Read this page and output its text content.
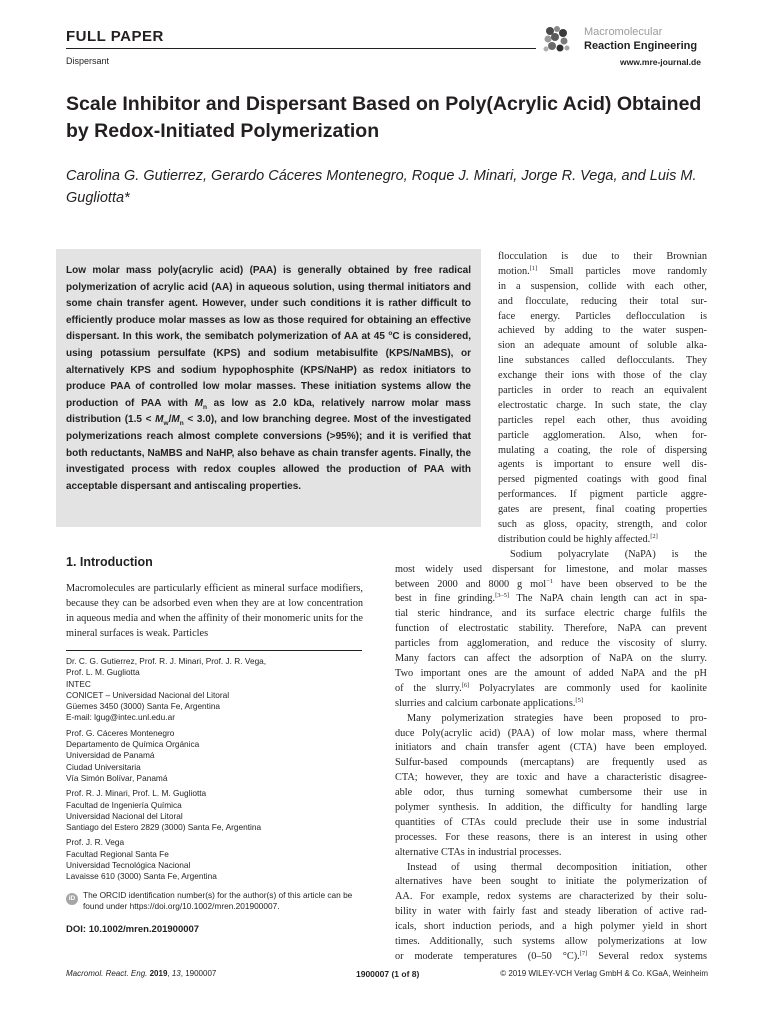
FULL PAPER
Dispersant
Macromolecular
Reaction Engineering
www.mre-journal.de
Scale Inhibitor and Dispersant Based on Poly(Acrylic Acid) Obtained by Redox-Initiated Polymerization
Carolina G. Gutierrez, Gerardo Cáceres Montenegro, Roque J. Minari, Jorge R. Vega, and Luis M. Gugliotta*

Low molar mass poly(acrylic acid) (PAA) is generally obtained by free radical polymerization of acrylic acid (AA) in aqueous solution, using thermal initiators and some chain transfer agent. However, under such conditions it is rather difficult to efficiently produce molar masses as low as those required for obtaining an effective dispersant. In this work, the semibatch polymerization of AA at 45 $^o$C is considered, using potassium persulfate (KPS) and sodium metabisulfite (KPS/NaMBS), or alternatively KPS and sodium hypophosphite (KPS/NaHP) as redox initiators to produce PAA of controlled low molar masses. These initiation systems allow the production of PAA with $M_n$ as low as 2.0 kDa, relatively narrow molar mass distribution $(1.5 < M_w/M_n < 3.0)$, and low branching degree. Most of the investigated polymerizations reach almost complete conversions (>95%); and it is verified that both reductants, NaMBS and NaHP, also behave as chain transfer agents. Finally, the investigated process with redox couples allowed the production of PAA with acceptable dispersant and antiscaling properties.

1. Introduction

Macromolecules are particularly efficient as mineral surface modifiers, because they can be adsorbed even when they are at low concentration in aqueous media and when the affinity of their monomeric units for the mineral surfaces is weak. Particles

Dr. C. G. Gutierrez, Prof. R. J. Minari, Prof. J. R. Vega,
Prof. L. M. Gugliotta
INTEC
CONICET – Universidad Nacional del Litoral
Güemes 3450 (3000) Santa Fe, Argentina
E-mail: lgug@intec.unl.edu.ar
Prof. G. Cáceres Montenegro
Departamento de Química Orgánica
Universidad de Panamá
Ciudad Universitaria
Vía Simón Bolívar, Panamá
Prof. R. J. Minari, Prof. L. M. Gugliotta
Facultad de Ingeniería Química
Universidad Nacional del Litoral
Santiago del Estero 2829 (3000) Santa Fe, Argentina
Prof. J. R. Vega
Facultad Regional Santa Fe
Universidad Tecnológica Nacional
Lavaisse 610 (3000) Santa Fe, Argentina
iD The ORCID identification number(s) for the author(s) of this article can be found under https://doi.org/10.1002/mren.201900007.
DOI: 10.1002/mren.201900007
flocculation is due to their Brownian
motion.[1] Small particles move randomly
in a suspension, collide with each other,
and flocculate, reducing their total sur-
face energy. Particles deflocculation is
achieved by adding to the water suspen-
sion an adequate amount of soluble alka-
line substances called deflocculants. They
exchange their ions with those of the clay
particles in order to reach an equivalent
electrostatic charge. In such state, the clay
particles repel each other, thus avoiding
particle agglomeration. Also, when for-
mulating a coating, the role of dispersing
agents is important to ensure well dis-
persed pigmented coatings with good final
performances. If pigment particle aggre-
gates are present, final coating properties
such as gloss, opacity, strength, and color
distribution could be highly affected.[2]
Sodium polyacrylate (NaPA) is the
most widely used dispersant for limestone, and molar masses
between 2000 and 8000 g mol$^{-1}$ have been observed to be the
best in fine grinding.[3–5] The NaPA chain length can act in spa-
tial steric hindrance, and its surface electric charge fulfils the
function of electrostatic stability. Therefore, NaPA can prevent
particles from agglomeration, and reduce the viscosity of slurry.
Many factors can affect the adsorption of NaPA on the slurry.
Two important ones are the amount of added NaPA and the pH
of the slurry.[6] Polyacrylates are commonly used for kaolinite
slurries and calcium carbonate applications.[5]
Many polymerization strategies have been proposed to pro-
duce Poly(acrylic acid) (PAA) of low molar mass, where thermal
initiators and chain transfer agent (CTA) have been employed.
Sulfur-based compounds (mercaptans) are frequently used as
CTA; however, they are toxic and have a characteristic disagree-
able odor, thus turning somewhat cumbersome their use in
polymer synthesis. In addition, the difficulty for handling large
quantities of CTAs could preclude their use in some industrial
processes. For these reasons, there is an interest in using other
alternative CTAs in industrial processes.
Instead of using thermal decomposition initiation, other
alternatives have been sought to initiate the polymerization of
AA. For example, redox systems are characterized by their solu-
bility in water with fairly fast and steady liberation of active rad-
icals, short induction periods, and a high polymer yield in short
times. Additionally, such systems allow polymerizations at low
or moderate temperatures (0–50 °C).[7] Several redox systems
Macromol. React. Eng. 2019, 13, 1900007	1900007 (1 of 8)	© 2019 WILEY-VCH Verlag GmbH & Co. KGaA, Weinheim
